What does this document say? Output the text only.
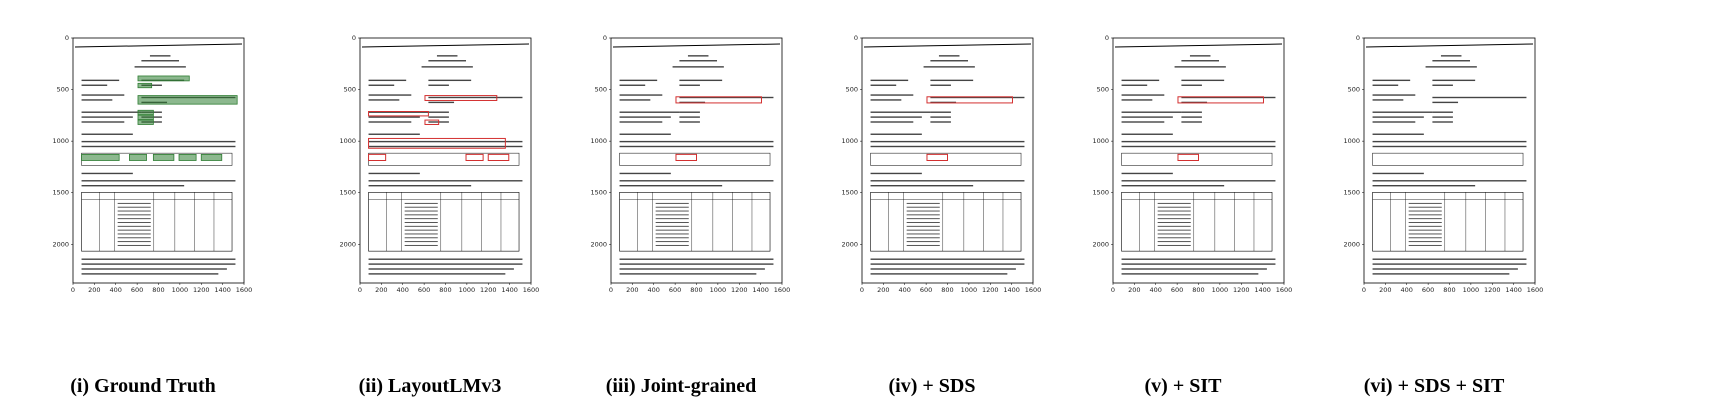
0 200 400 600 800 1000 1200 1400 1600
0
500
1000
1500
2000
(i) Ground Truth
0 200 400 600 800 1000 1200 1400 1600
0
500
1000
1500
2000
(ii) LayoutLMv3
0 200 400 600 800 1000 1200 1400 1600
0
500
1000
1500
2000
(iii) Joint-grained
0 200 400 600 800 1000 1200 1400 1600
0
500
1000
1500
2000
(iv) + SDS
0 200 400 600 800 1000 1200 1400 1600
0
500
1000
1500
2000
(v) + SIT
0 200 400 600 800 1000 1200 1400 1600
0
500
1000
1500
2000
(vi) + SDS + SIT
